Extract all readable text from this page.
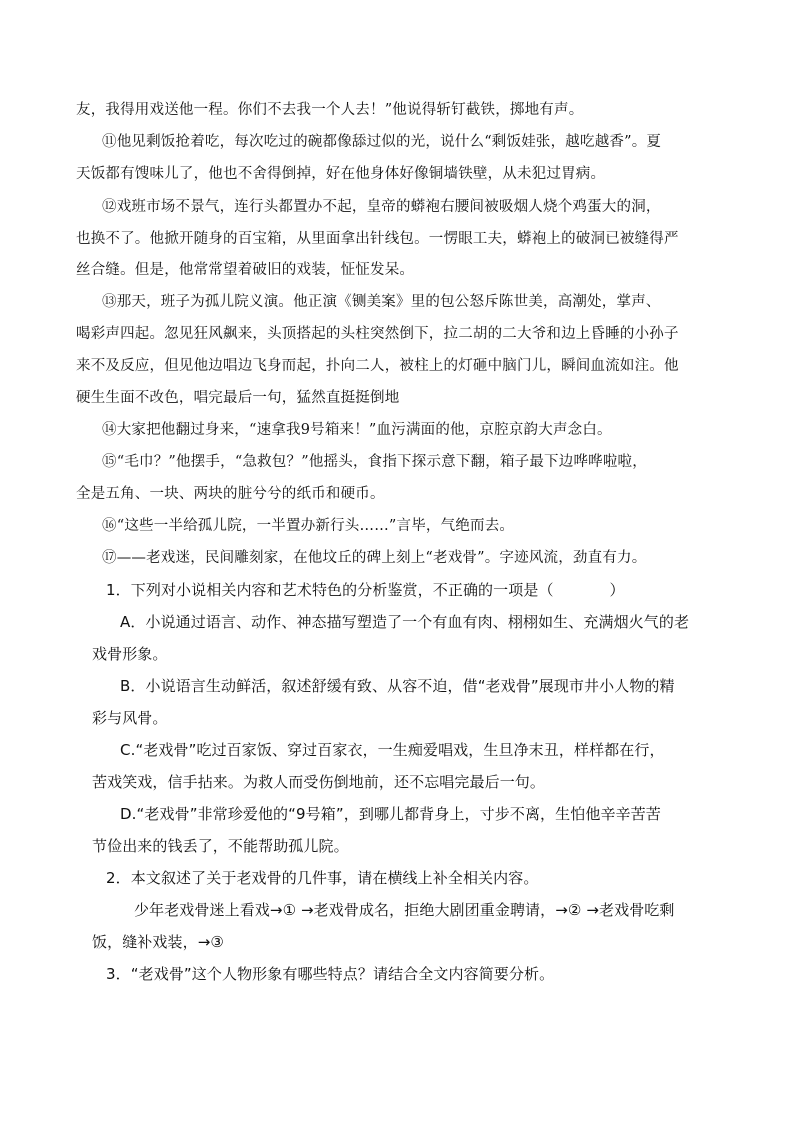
友，我得用戏送他一程。你们不去我一个人去！”他说得斩钉截铁，掷地有声。
⑪他见剩饭抢着吃，每次吃过的碗都像舔过似的光，说什么“剩饭娃张，越吃越香”。夏
天饭都有馊味儿了，他也不舍得倒掉，好在他身体好像铜墙铁壁，从未犯过胃病。
⑫戏班市场不景气，连行头都置办不起，皇帝的蟒袍右腰间被吸烟人烧个鸡蛋大的洞，
也换不了。他掀开随身的百宝箱，从里面拿出针线包。一愣眼工夫，蟒袍上的破洞已被缝得严
丝合缝。但是，他常常望着破旧的戏装，怔怔发呆。
⑬那天，班子为孤儿院义演。他正演《铡美案》里的包公怒斥陈世美，高潮处，掌声、
喝彩声四起。忽见狂风飙来，头顶搭起的头柱突然倒下，拉二胡的二大爷和边上昏睡的小孙子
来不及反应，但见他边唱边飞身而起，扑向二人，被柱上的灯砸中脑门儿，瞬间血流如注。他
硬生生面不改色，唱完最后一句，猛然直挺挺倒地
⑭大家把他翻过身来，“速拿我9号箱来！”血污满面的他，京腔京韵大声念白。
⑮“毛巾？”他摆手，“急救包？”他摇头，食指下探示意下翻，箱子最下边哗哗啦啦，
全是五角、一块、两块的脏兮兮的纸币和硬币。
⑯“这些一半给孤儿院，一半置办新行头……”言毕，气绝而去。
⑰——老戏迷，民间雕刻家，在他坟丘的碑上刻上“老戏骨”。字迹风流，劲直有力。
1．下列对小说相关内容和艺术特色的分析鉴赏，不正确的一项是（	）
A．小说通过语言、动作、神态描写塑造了一个有血有肉、栩栩如生、充满烟火气的老
戏骨形象。
B．小说语言生动鲜活，叙述舒缓有致、从容不迫，借“老戏骨”展现市井小人物的精
彩与风骨。
C.“老戏骨”吃过百家饭、穿过百家衣，一生痴爱唱戏，生旦净末丑，样样都在行，
苦戏笑戏，信手拈来。为救人而受伤倒地前，还不忘唱完最后一句。
D.“老戏骨”非常珍爱他的“9号箱”，到哪儿都背身上，寸步不离，生怕他辛辛苦苦
节俭出来的钱丢了，不能帮助孤儿院。
2．本文叙述了关于老戏骨的几件事，请在横线上补全相关内容。
少年老戏骨迷上看戏→① →老戏骨成名，拒绝大剧团重金聘请，→② →老戏骨吃剩
饭，缝补戏装，→③
3．“老戏骨”这个人物形象有哪些特点？请结合全文内容简要分析。
